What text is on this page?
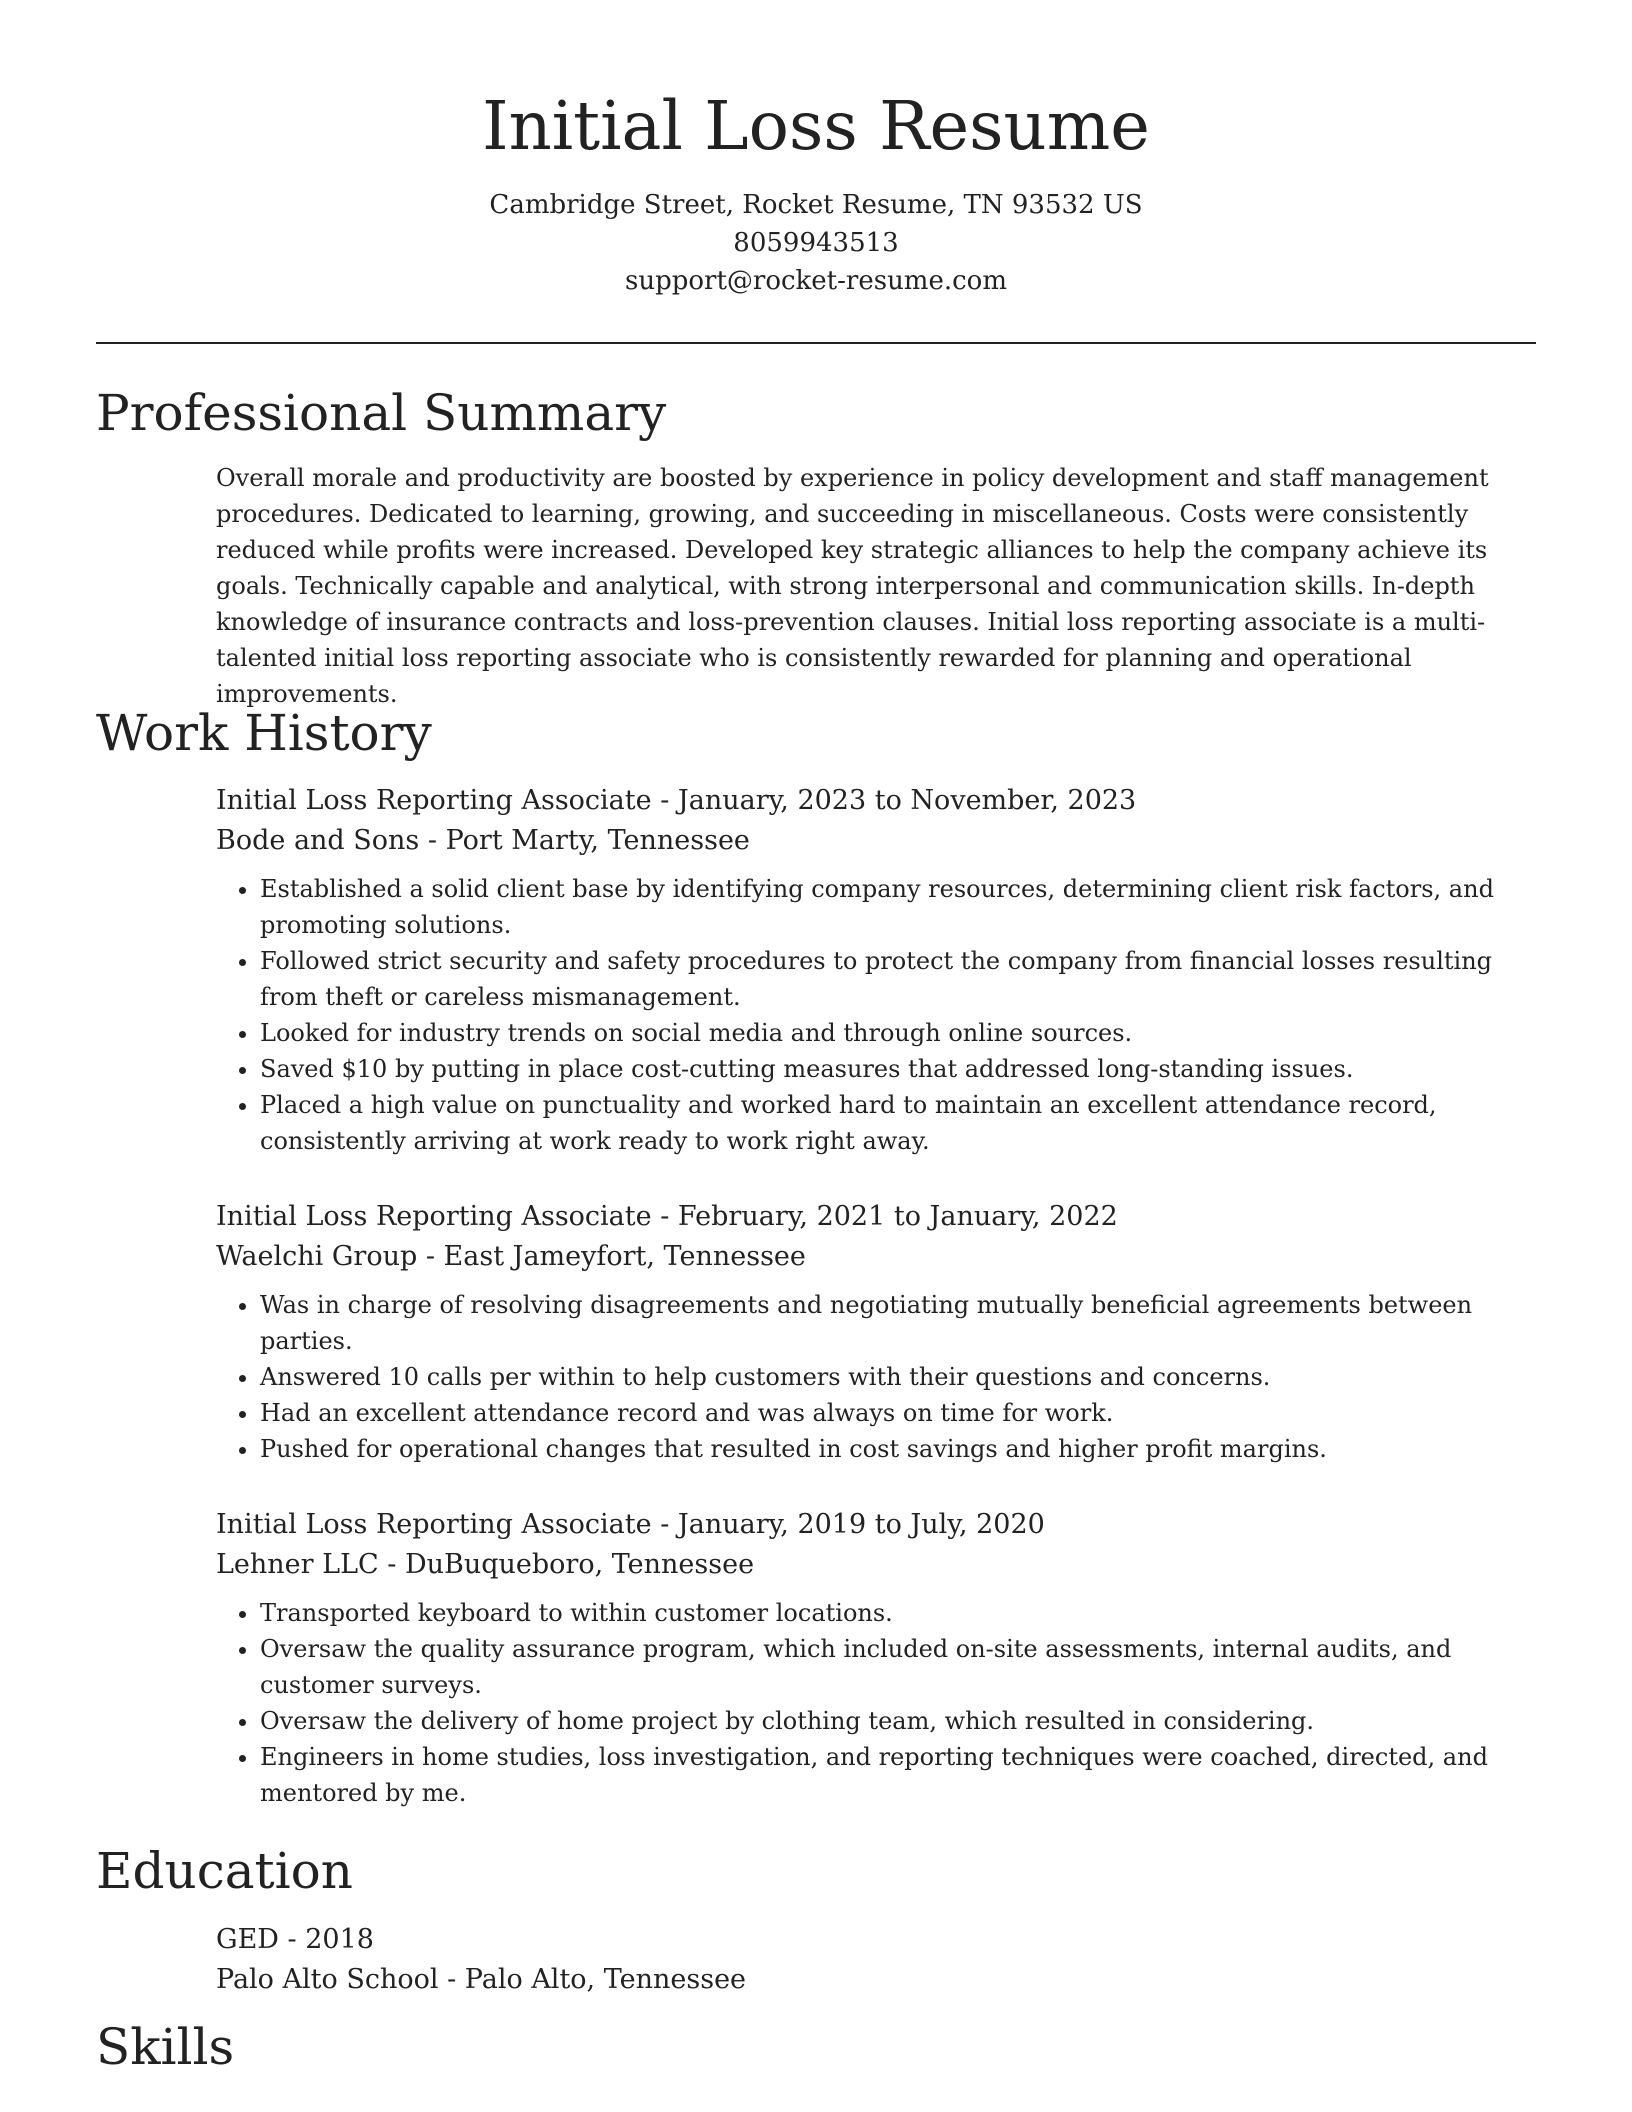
Initial Loss Resume
Cambridge Street, Rocket Resume, TN 93532 US
8059943513
support@rocket-resume.com
Professional Summary

Overall morale and productivity are boosted by experience in policy development and staff management procedures. Dedicated to learning, growing, and succeeding in miscellaneous. Costs were consistently reduced while profits were increased. Developed key strategic alliances to help the company achieve its goals. Technically capable and analytical, with strong interpersonal and communication skills. In-depth knowledge of insurance contracts and loss-prevention clauses. Initial loss reporting associate is a multi-talented initial loss reporting associate who is consistently rewarded for planning and operational improvements.

Work History
Initial Loss Reporting Associate - January, 2023 to November, 2023
Bode and Sons - Port Marty, Tennessee
• Established a solid client base by identifying company resources, determining client risk factors, and promoting solutions.
• Followed strict security and safety procedures to protect the company from financial losses resulting from theft or careless mismanagement.
• Looked for industry trends on social media and through online sources.
• Saved $10 by putting in place cost-cutting measures that addressed long-standing issues.
• Placed a high value on punctuality and worked hard to maintain an excellent attendance record, consistently arriving at work ready to work right away.
Initial Loss Reporting Associate - February, 2021 to January, 2022
Waelchi Group - East Jameyfort, Tennessee
• Was in charge of resolving disagreements and negotiating mutually beneficial agreements between parties.
• Answered 10 calls per within to help customers with their questions and concerns.
• Had an excellent attendance record and was always on time for work.
• Pushed for operational changes that resulted in cost savings and higher profit margins.
Initial Loss Reporting Associate - January, 2019 to July, 2020
Lehner LLC - DuBuqueboro, Tennessee
• Transported keyboard to within customer locations.
• Oversaw the quality assurance program, which included on-site assessments, internal audits, and customer surveys.
• Oversaw the delivery of home project by clothing team, which resulted in considering.
• Engineers in home studies, loss investigation, and reporting techniques were coached, directed, and mentored by me.
Education
GED - 2018
Palo Alto School - Palo Alto, Tennessee
Skills
